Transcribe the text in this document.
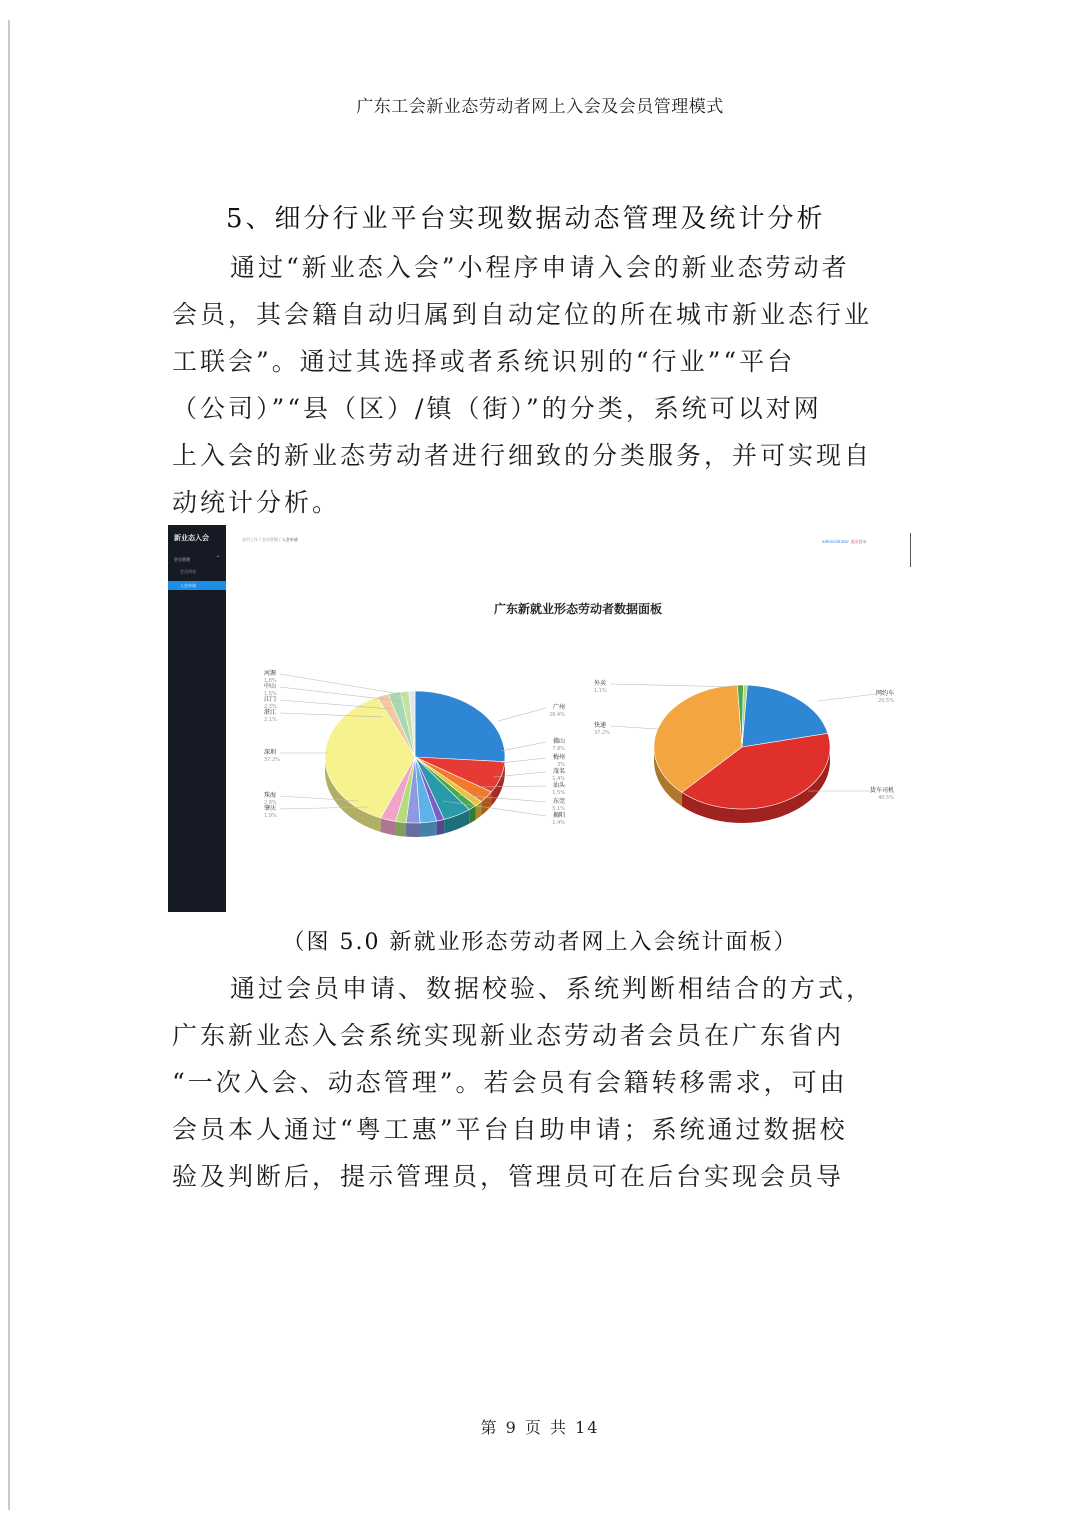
广东工会新业态劳动者网上入会及会员管理模式
5、细分行业平台实现数据动态管理及统计分析
通过“新业态入会”小程序申请入会的新业态劳动者
会员，其会籍自动归属到自动定位的所在城市新业态行业
工联会”。通过其选择或者系统识别的“行业”“平台
（公司）”“县（区）/镇（街）”的分类，系统可以对网
上入会的新业态劳动者进行细致的分类服务，并可实现自
动统计分析。
新业态入会
会员管理	^
会员列表
入会申请
首页工作 / 会员管理 / 入会申请	administrator 退出登录
广东新就业形态劳动者数据面板
河源
1.8%
中山
1.5%
江门
2.3%
湛江
2.1%
深圳
37.2%
珠海
2.8%
肇庆
1.9%
广州
26.4%
佛山
7.8%
梅州
3%
茂名
1.4%
汕头
1.5%
东莞
5.1%
揭阳
1.4%
外卖
1.1%
快递
37.2%
网约车
20.5%
货车司机
40.5%
（图 5.0 新就业形态劳动者网上入会统计面板）
通过会员申请、数据校验、系统判断相结合的方式，
广东新业态入会系统实现新业态劳动者会员在广东省内
“一次入会、动态管理”。若会员有会籍转移需求，可由
会员本人通过“粤工惠”平台自助申请；系统通过数据校
验及判断后，提示管理员，管理员可在后台实现会员导
第 9 页 共 14
